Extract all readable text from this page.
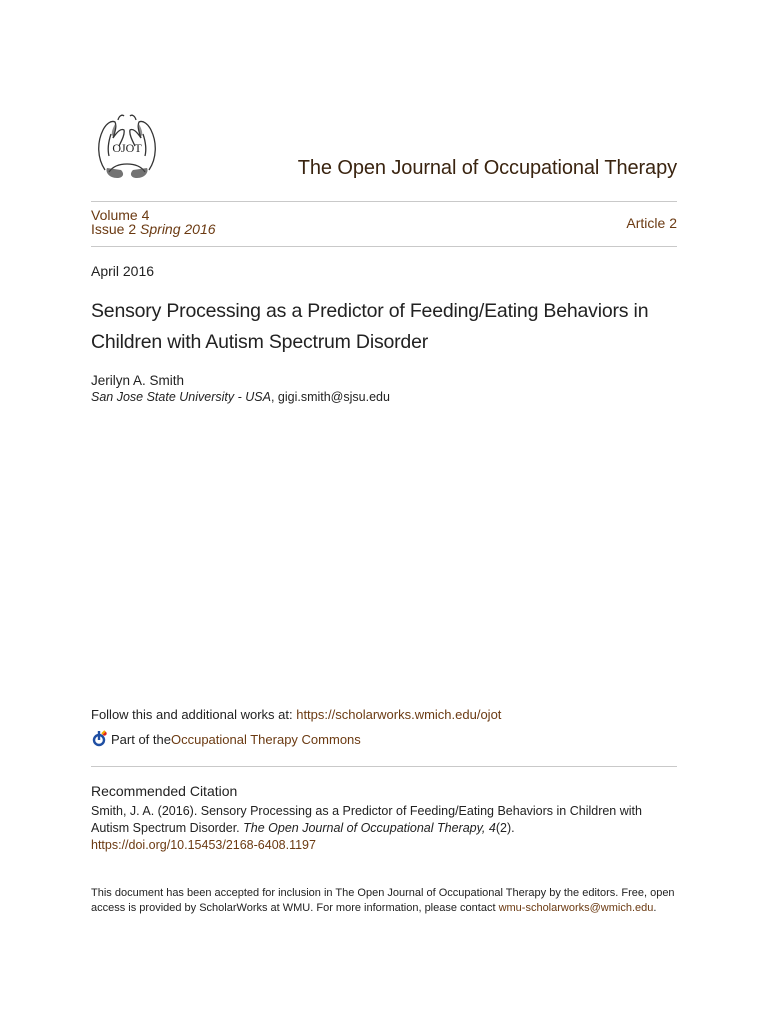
OJOT
The Open Journal of Occupational Therapy
Volume 4
Issue 2 Spring 2016	Article 2
April 2016
Sensory Processing as a Predictor of Feeding/Eating Behaviors in Children with Autism Spectrum Disorder
Jerilyn A. Smith
San Jose State University - USA, gigi.smith@sjsu.edu
Follow this and additional works at: https://scholarworks.wmich.edu/ojot
Part of the Occupational Therapy Commons
Recommended Citation
Smith, J. A. (2016). Sensory Processing as a Predictor of Feeding/Eating Behaviors in Children with Autism Spectrum Disorder. The Open Journal of Occupational Therapy, 4(2). https://doi.org/10.15453/2168-6408.1197
This document has been accepted for inclusion in The Open Journal of Occupational Therapy by the editors. Free, open access is provided by ScholarWorks at WMU. For more information, please contact wmu-scholarworks@wmich.edu.
